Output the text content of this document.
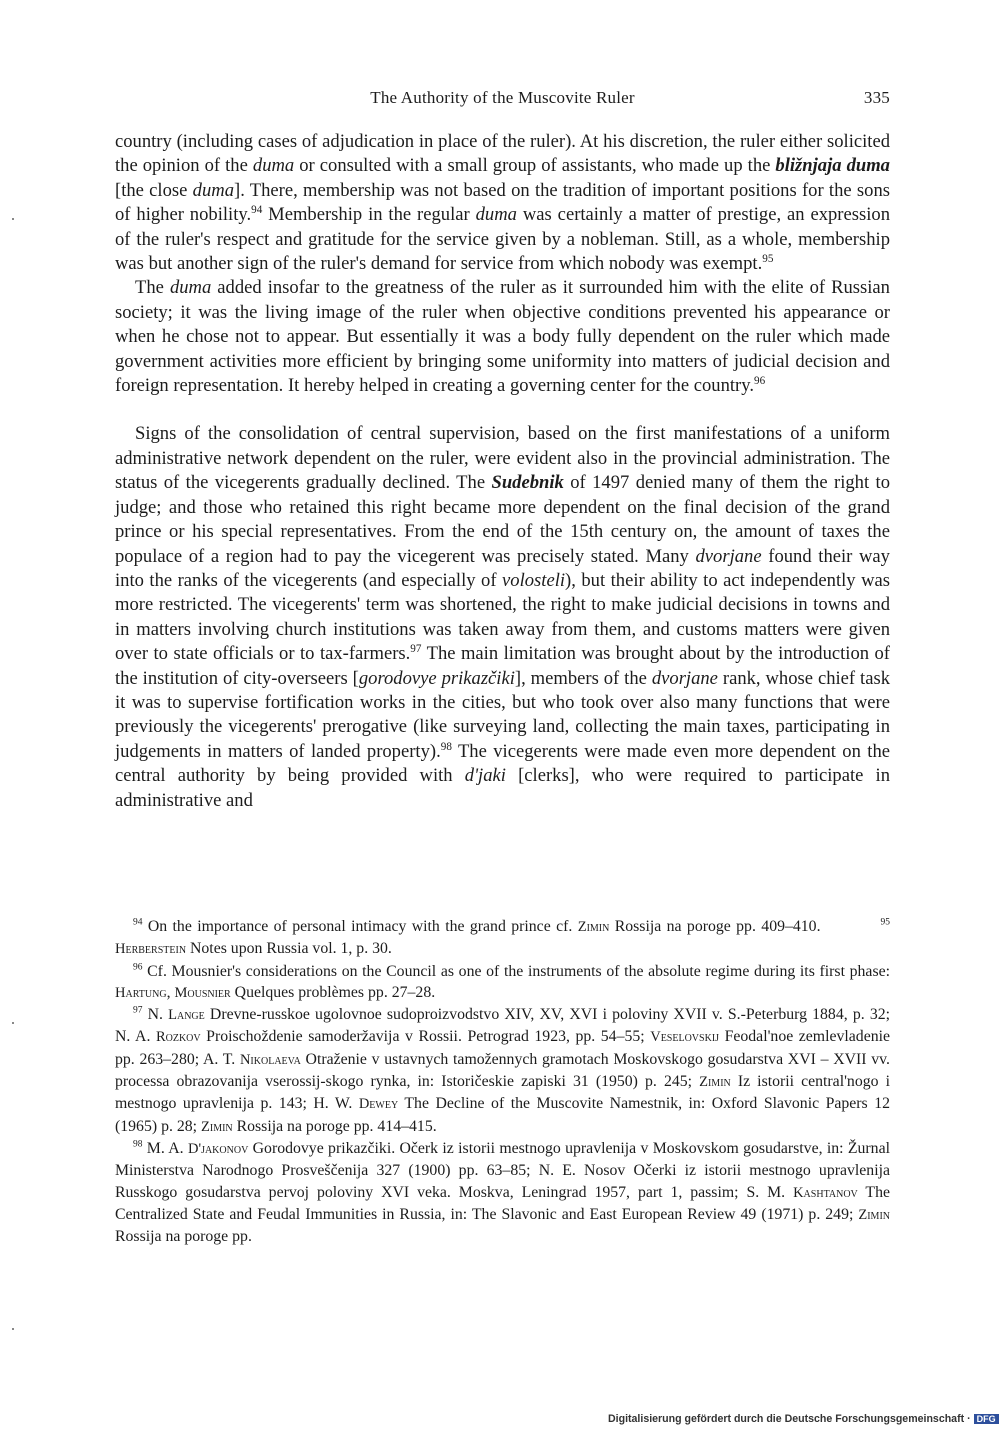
The Authority of the Muscovite Ruler	335

country (including cases of adjudication in place of the ruler). At his discretion, the ruler either solicited the opinion of the duma or consulted with a small group of assistants, who made up the bližnjaja duma [the close duma]. There, membership was not based on the tradition of important positions for the sons of higher nobility.$^{94}$ Membership in the regular duma was certainly a matter of prestige, an expression of the ruler's respect and gratitude for the service given by a nobleman. Still, as a whole, membership was but another sign of the ruler's demand for service from which nobody was exempt.$^{95}$

The duma added insofar to the greatness of the ruler as it surrounded him with the elite of Russian society; it was the living image of the ruler when objective conditions prevented his appearance or when he chose not to appear. But essentially it was a body fully dependent on the ruler which made government activities more efficient by bringing some uniformity into matters of judicial decision and foreign representation. It hereby helped in creating a governing center for the country.$^{96}$

Signs of the consolidation of central supervision, based on the first manifestations of a uniform administrative network dependent on the ruler, were evident also in the provincial administration. The status of the vicegerents gradually declined. The Sudebnik of 1497 denied many of them the right to judge; and those who retained this right became more dependent on the final decision of the grand prince or his special representatives. From the end of the 15th century on, the amount of taxes the populace of a region had to pay the vicegerent was precisely stated. Many dvorjane found their way into the ranks of the vicegerents (and especially of volosteli), but their ability to act independently was more restricted. The vicegerents' term was shortened, the right to make judicial decisions in towns and in matters involving church institutions was taken away from them, and customs matters were given over to state officials or to tax-farmers.$^{97}$ The main limitation was brought about by the introduction of the institution of city-overseers [gorodovye prikazčiki], members of the dvorjane rank, whose chief task it was to supervise fortification works in the cities, but who took over also many functions that were previously the vicegerents' prerogative (like surveying land, collecting the main taxes, participating in judgements in matters of landed property).$^{98}$ The vicegerents were made even more dependent on the central authority by being provided with d'jaki [clerks], who were required to participate in administrative and

$^{94}$ On the importance of personal intimacy with the grand prince cf. Zimin Rossija na poroge pp. 409–410.	$^{95}$ Herberstein Notes upon Russia vol. 1, p. 30.

$^{96}$ Cf. Mousnier's considerations on the Council as one of the instruments of the absolute regime during its first phase: Hartung, Mousnier Quelques problèmes pp. 27–28.

$^{97}$ N. Lange Drevne-russkoe ugolovnoe sudoproizvodstvo XIV, XV, XVI i poloviny XVII v. S.-Peterburg 1884, p. 32; N. A. Rozkov Proischoždenie samoderžavija v Rossii. Petrograd 1923, pp. 54–55; Veselovskij Feodal'noe zemlevladenie pp. 263–280; A. T. Nikolaeva Otraženie v ustavnych tamožennych gramotach Moskovskogo gosudarstva XVI – XVII vv. processa obrazovanija vserossij-skogo rynka, in: Istoričeskie zapiski 31 (1950) p. 245; Zimin Iz istorii central'nogo i mestnogo upravlenija p. 143; H. W. Dewey The Decline of the Muscovite Namestnik, in: Oxford Slavonic Papers 12 (1965) p. 28; Zimin Rossija na poroge pp. 414–415.

$^{98}$ M. A. D'jakonov Gorodovye prikazčiki. Očerk iz istorii mestnogo upravlenija v Moskovskom gosudarstve, in: Žurnal Ministerstva Narodnogo Prosveščenija 327 (1900) pp. 63–85; N. E. Nosov Očerki iz istorii mestnogo upravlenija Russkogo gosudarstva pervoj poloviny XVI veka. Moskva, Leningrad 1957, part 1, passim; S. M. Kashtanov The Centralized State and Feudal Immunities in Russia, in: The Slavonic and East European Review 49 (1971) p. 249; Zimin Rossija na poroge pp.

Digitalisierung gefördert durch die Deutsche Forschungsgemeinschaft · DFG
